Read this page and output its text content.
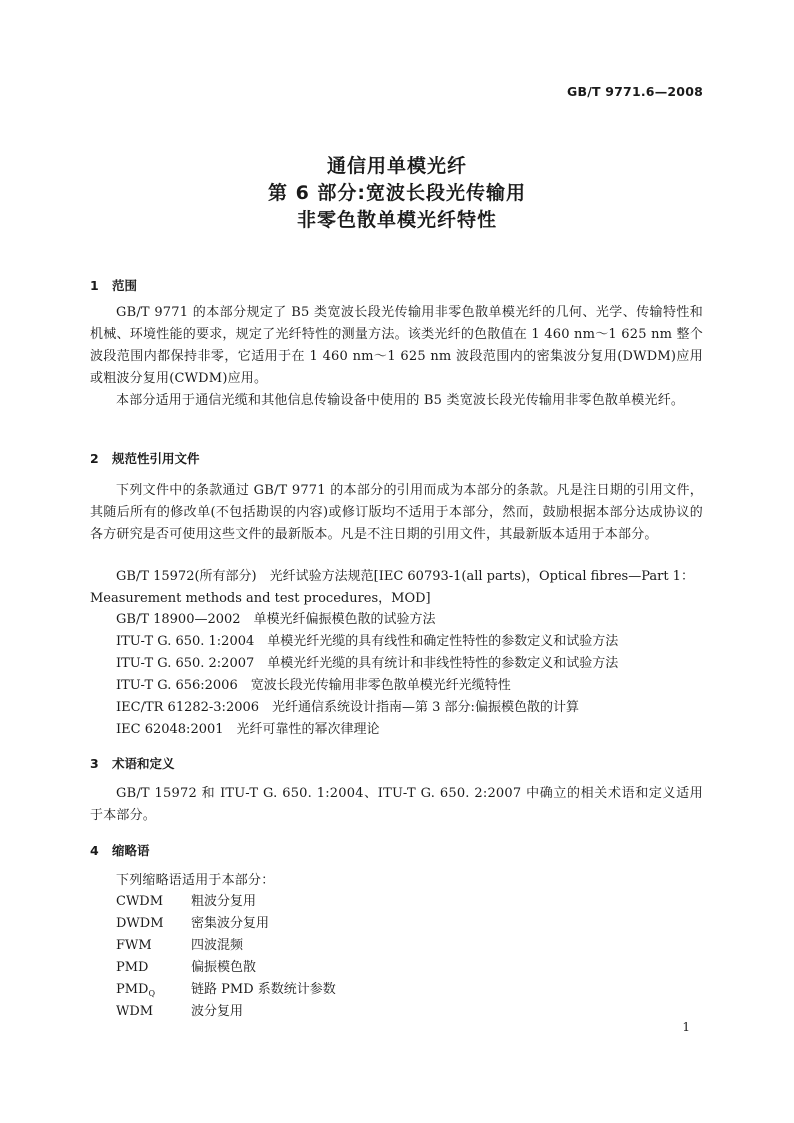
GB/T 9771.6—2008
通信用单模光纤
第 6 部分:宽波长段光传输用
非零色散单模光纤特性
1 范围

GB/T 9771 的本部分规定了 B5 类宽波长段光传输用非零色散单模光纤的几何、光学、传输特性和机械、环境性能的要求，规定了光纤特性的测量方法。该类光纤的色散值在 1 460 nm～1 625 nm 整个波段范围内都保持非零，它适用于在 1 460 nm～1 625 nm 波段范围内的密集波分复用(DWDM)应用或粗波分复用(CWDM)应用。

本部分适用于通信光缆和其他信息传输设备中使用的 B5 类宽波长段光传输用非零色散单模光纤。

2 规范性引用文件

下列文件中的条款通过 GB/T 9771 的本部分的引用而成为本部分的条款。凡是注日期的引用文件，其随后所有的修改单(不包括勘误的内容)或修订版均不适用于本部分，然而，鼓励根据本部分达成协议的各方研究是否可使用这些文件的最新版本。凡是不注日期的引用文件，其最新版本适用于本部分。

GB/T 15972(所有部分)　光纤试验方法规范[IEC 60793-1(all parts)，Optical fibres—Part 1：Measurement methods and test procedures，MOD]

GB/T 18900—2002　单模光纤偏振模色散的试验方法

ITU-T G. 650. 1:2004　单模光纤光缆的具有线性和确定性特性的参数定义和试验方法

ITU-T G. 650. 2:2007　单模光纤光缆的具有统计和非线性特性的参数定义和试验方法

ITU-T G. 656:2006　宽波长段光传输用非零色散单模光纤光缆特性

IEC/TR 61282-3:2006　光纤通信系统设计指南—第 3 部分:偏振模色散的计算

IEC 62048:2001　光纤可靠性的幂次律理论

3 术语和定义

GB/T 15972 和 ITU-T G. 650. 1:2004、ITU-T G. 650. 2:2007 中确立的相关术语和定义适用于本部分。

4 缩略语

下列缩略语适用于本部分：

CWDM 粗波分复用
DWDM 密集波分复用
FWM	四波混频
PMD	偏振模色散
$PMD_Q$	链路 PMD 系数统计参数
WDM	波分复用
1
